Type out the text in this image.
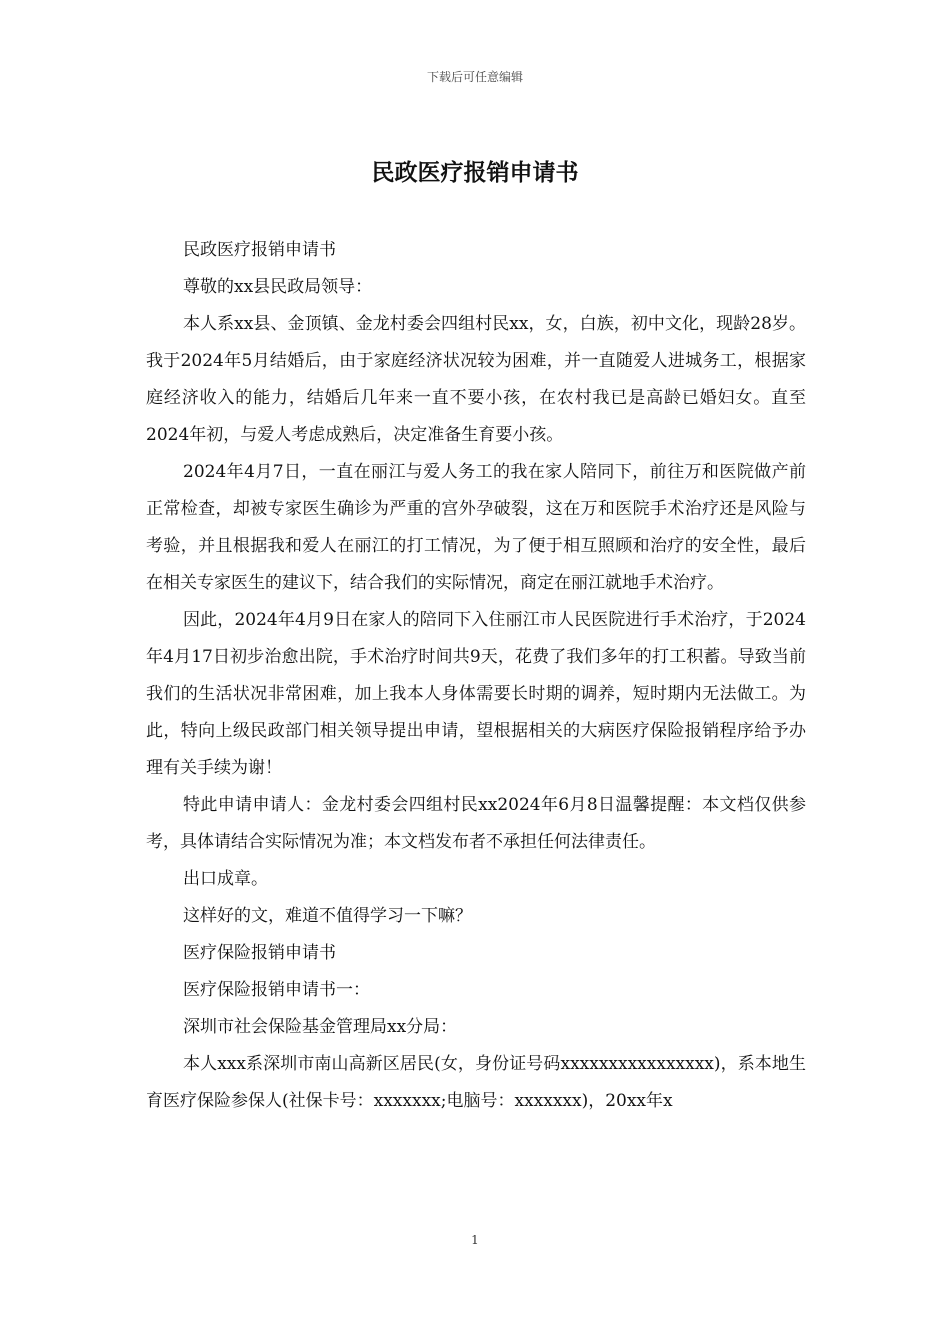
下载后可任意编辑
民政医疗报销申请书

民政医疗报销申请书

尊敬的xx县民政局领导：

本人系xx县、金顶镇、金龙村委会四组村民xx，女，白族，初中文化，现龄28岁。我于2024年5月结婚后，由于家庭经济状况较为困难，并一直随爱人进城务工，根据家庭经济收入的能力，结婚后几年来一直不要小孩，在农村我已是高龄已婚妇女。直至2024年初，与爱人考虑成熟后，决定准备生育要小孩。

2024年4月7日，一直在丽江与爱人务工的我在家人陪同下，前往万和医院做产前正常检查，却被专家医生确诊为严重的宫外孕破裂，这在万和医院手术治疗还是风险与考验，并且根据我和爱人在丽江的打工情况，为了便于相互照顾和治疗的安全性，最后在相关专家医生的建议下，结合我们的实际情况，商定在丽江就地手术治疗。

因此，2024年4月9日在家人的陪同下入住丽江市人民医院进行手术治疗，于2024年4月17日初步治愈出院，手术治疗时间共9天，花费了我们多年的打工积蓄。导致当前我们的生活状况非常困难，加上我本人身体需要长时期的调养，短时期内无法做工。为此，特向上级民政部门相关领导提出申请，望根据相关的大病医疗保险报销程序给予办理有关手续为谢！

特此申请申请人：金龙村委会四组村民xx2024年6月8日温馨提醒：本文档仅供参考，具体请结合实际情况为准；本文档发布者不承担任何法律责任。

出口成章。

这样好的文，难道不值得学习一下嘛？

医疗保险报销申请书

医疗保险报销申请书一：

深圳市社会保险基金管理局xx分局：

本人xxx系深圳市南山高新区居民(女，身份证号码xxxxxxxxxxxxxxxx)，系本地生育医疗保险参保人(社保卡号：xxxxxxx;电脑号：xxxxxxx)，20xx年x

1
